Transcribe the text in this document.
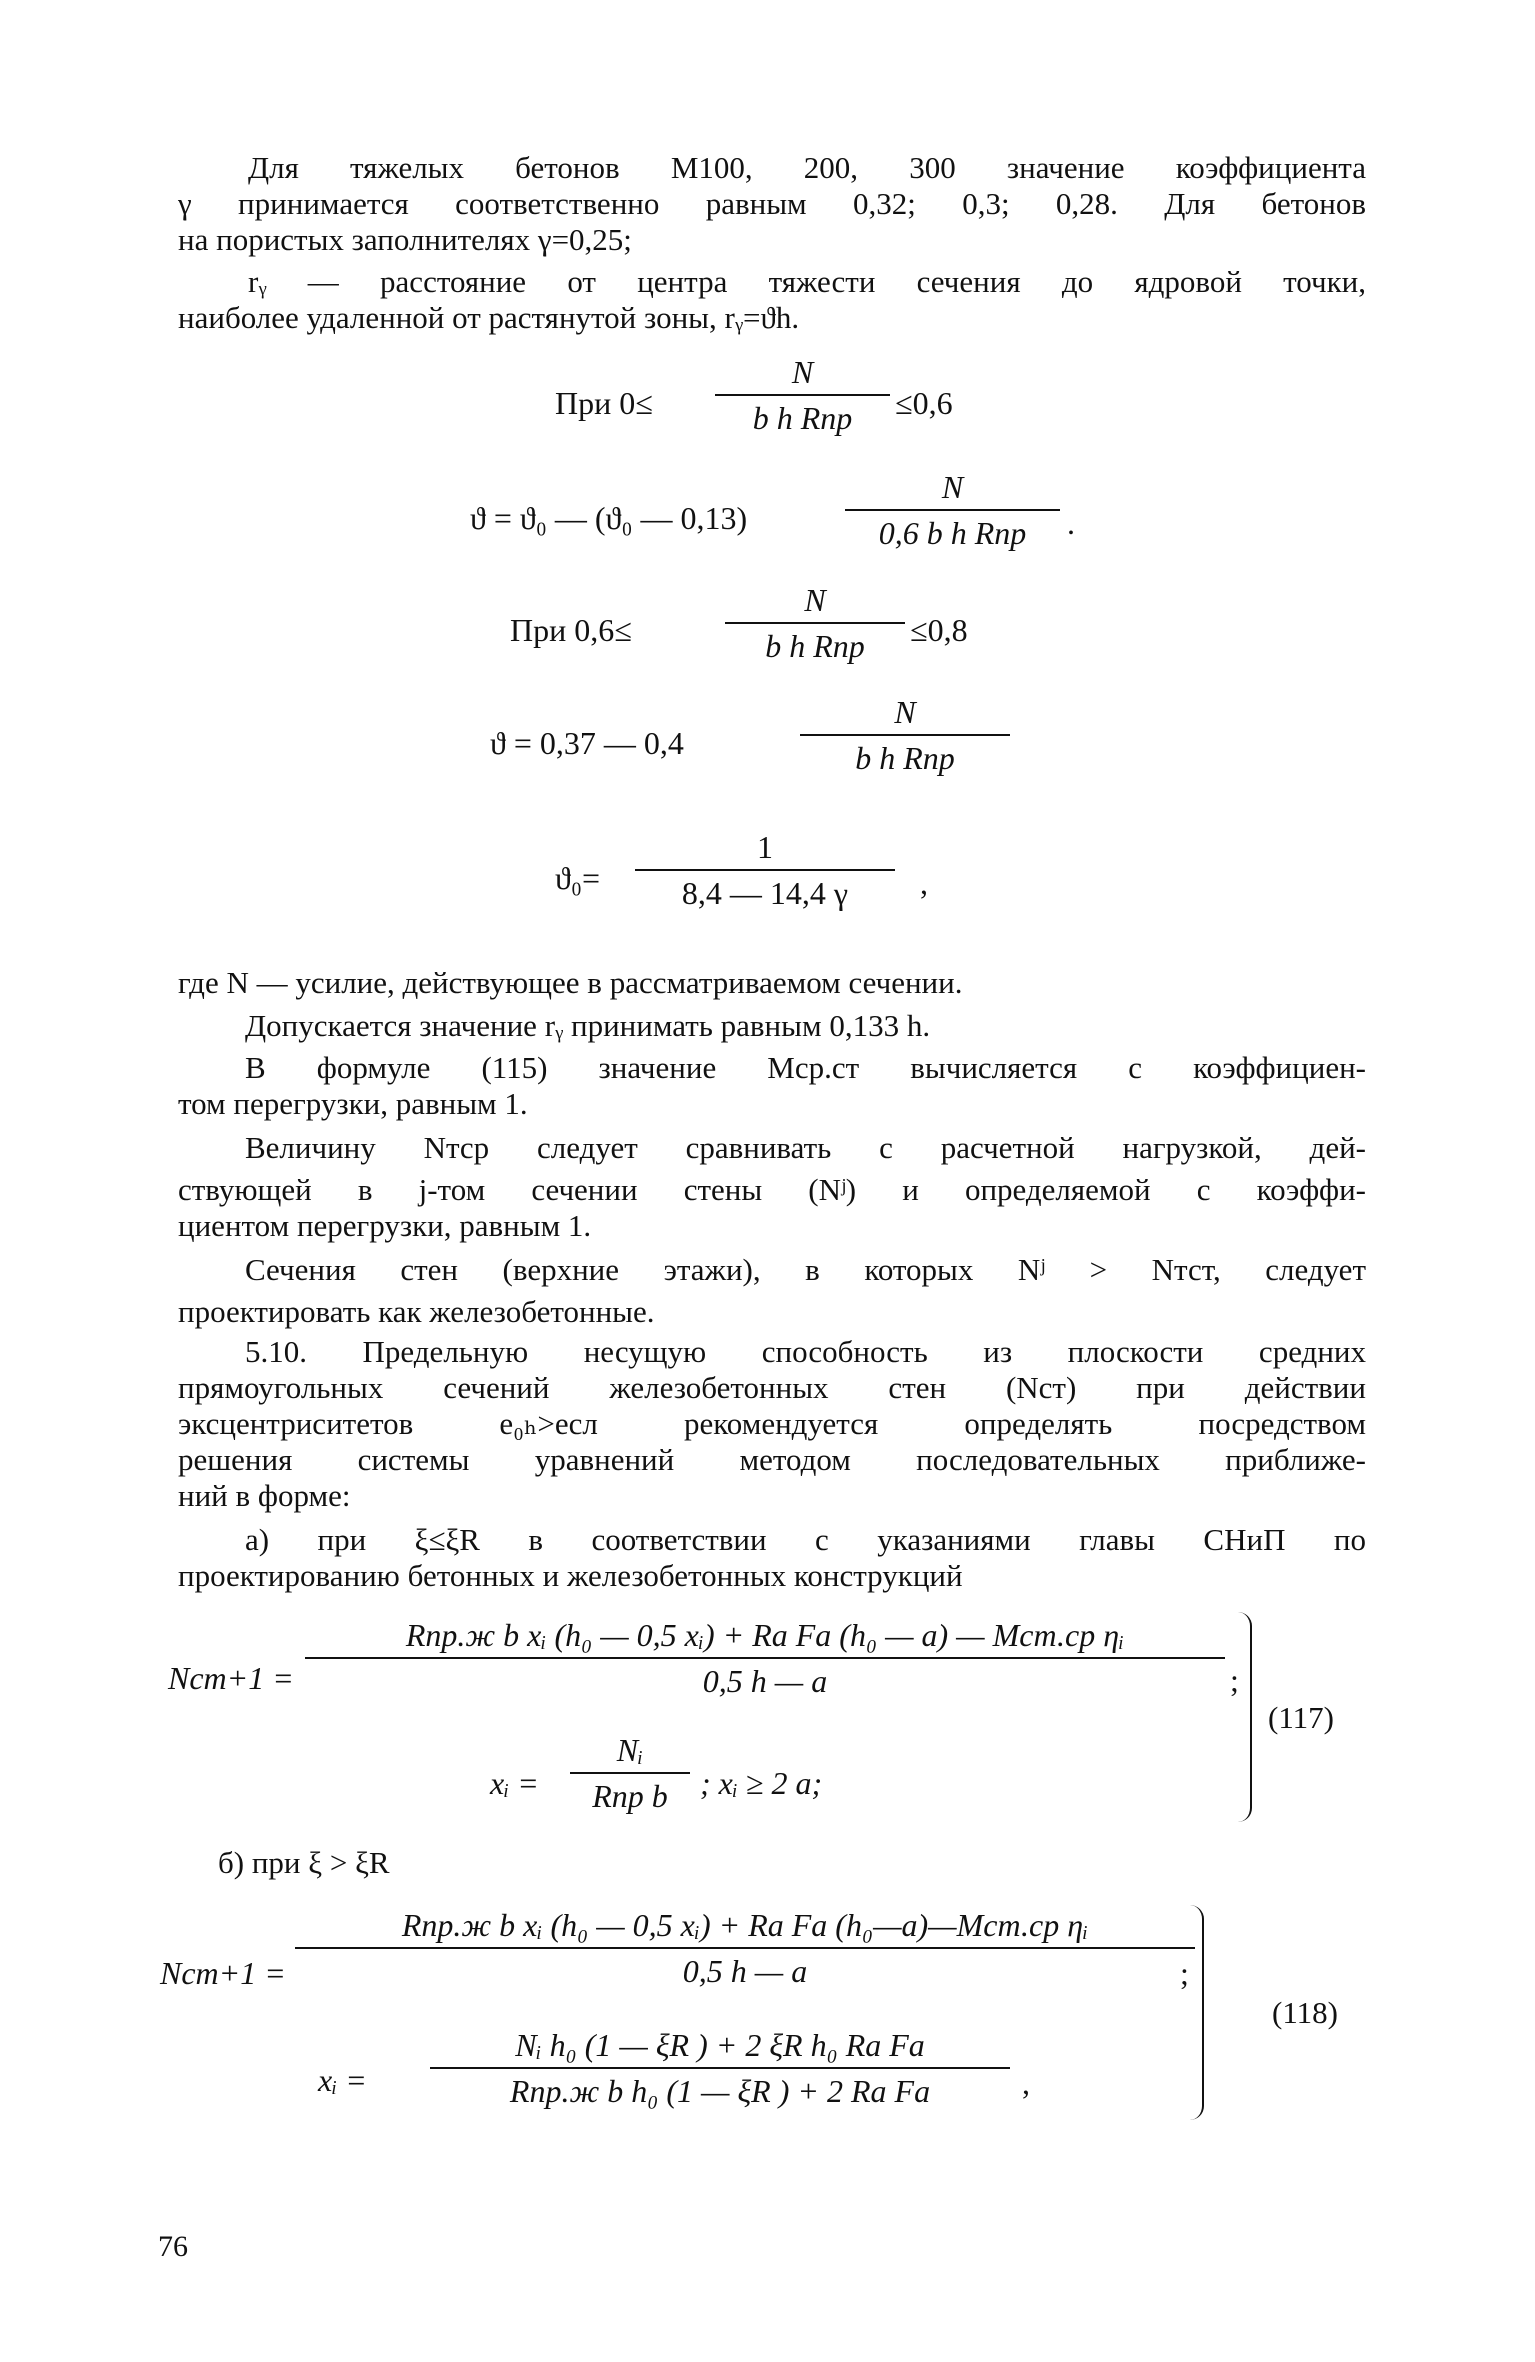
Для тяжелых бетонов М100, 200, 300 значение коэффициента
γ принимается соответственно равным 0,32; 0,3; 0,28. Для бетонов
на пористых заполнителях γ=0,25;
rᵧ — расстояние от центра тяжести сечения до ядровой точки,
наиболее удаленной от растянутой зоны, rᵧ=ϑh.
При 0≤
N
b h Rпр	≤0,6
ϑ = ϑ₀ — (ϑ₀ — 0,13)
N
0,6 b h Rпр	.
При 0,6≤
N
b h Rпр	≤0,8
ϑ = 0,37 — 0,4
N
b h Rпр
ϑ₀=
1
8,4 — 14,4 γ	,
где N — усилие, действующее в рассматриваемом сечении.
Допускается значение rᵧ принимать равным 0,133 h.
В формуле (115) значение Mср.ст вычисляется с коэффициен-
том перегрузки, равным 1.
Величину Nтср следует сравнивать с расчетной нагрузкой, дей-
ствующей в j-том сечении стены (Nʲ) и определяемой с коэффи-
циентом перегрузки, равным 1.
Сечения стен (верхние этажи), в которых Nʲ > Nтст, следует
проектировать как железобетонные.
5.10. Предельную несущую способность из плоскости средних
прямоугольных сечений железобетонных стен (Nст) при действии
эксцентриситетов e₀ₕ>eсл рекомендуется определять посредством
решения системы уравнений методом последовательных приближе-
ний в форме:
а) при ξ≤ξR в соответствии с указаниями главы СНиП по
проектированию бетонных и железобетонных конструкций
Nст+1 =
Rпр.ж b xᵢ (h₀ — 0,5 xᵢ) + Rа Fа (h₀ — a) — Mст.ср ηᵢ
0,5 h — a	;
xᵢ =
Nᵢ
Rпр b	; xᵢ ≥ 2 a;
(117)
б) при ξ > ξR
Nст+1 =
Rпр.ж b xᵢ (h₀ — 0,5 xᵢ) + Rа Fа (h₀—a)—Mст.ср ηᵢ
0,5 h — a	;
xᵢ =
Nᵢ h₀ (1 — ξR ) + 2 ξR h₀ Rа Fа
Rпр.ж b h₀ (1 — ξR ) + 2 Rа Fа	,
(118)
76
